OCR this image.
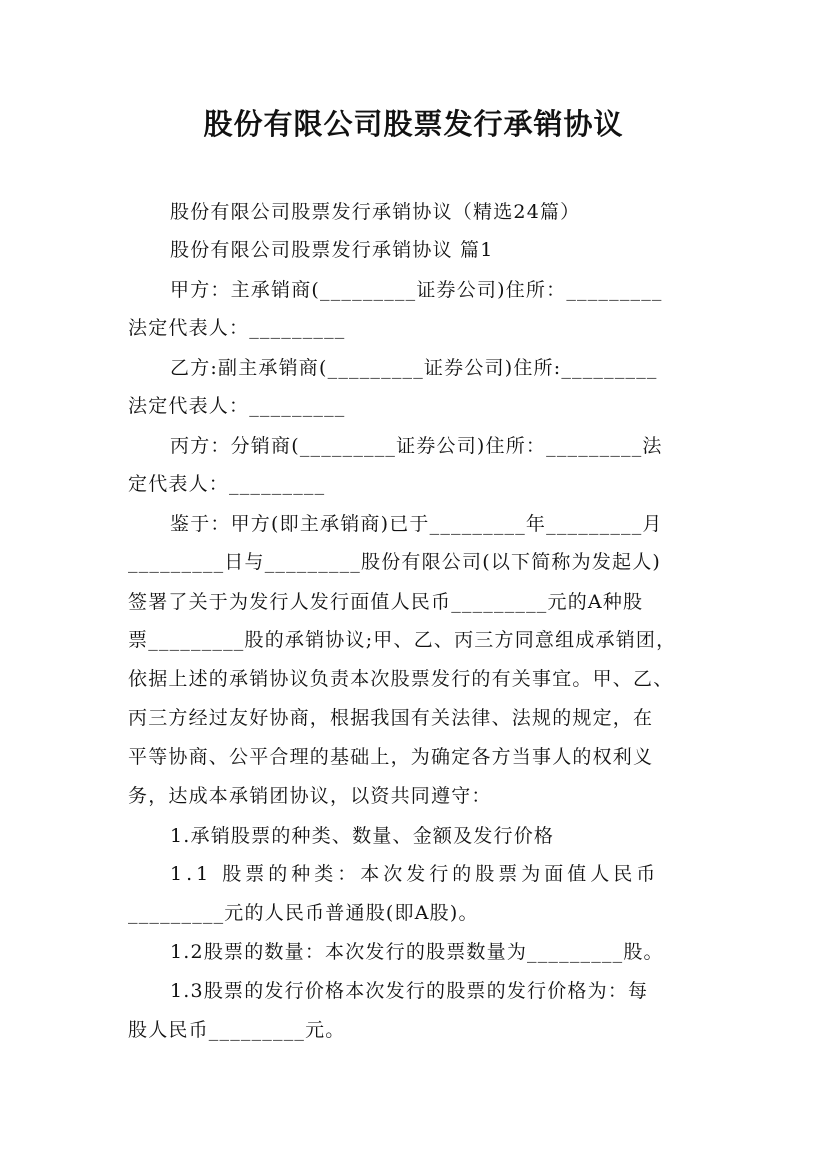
股份有限公司股票发行承销协议
股份有限公司股票发行承销协议（精选24篇）
股份有限公司股票发行承销协议 篇1
甲方：主承销商(_________证券公司)住所：_________
法定代表人：_________
乙方:副主承销商(_________证券公司)住所:_________
法定代表人：_________
丙方：分销商(_________证券公司)住所：_________法
定代表人：_________
鉴于：甲方(即主承销商)已于_________年_________月
_________日与_________股份有限公司(以下简称为发起人)
签署了关于为发行人发行面值人民币_________元的A种股
票_________股的承销协议;甲、乙、丙三方同意组成承销团，
依据上述的承销协议负责本次股票发行的有关事宜。甲、乙、
丙三方经过友好协商，根据我国有关法律、法规的规定，在
平等协商、公平合理的基础上，为确定各方当事人的权利义
务，达成本承销团协议，以资共同遵守：
1.承销股票的种类、数量、金额及发行价格
1.1 股票的种类：本次发行的股票为面值人民币
_________元的人民币普通股(即A股)。
1.2股票的数量：本次发行的股票数量为_________股。
1.3股票的发行价格本次发行的股票的发行价格为：每
股人民币_________元。
